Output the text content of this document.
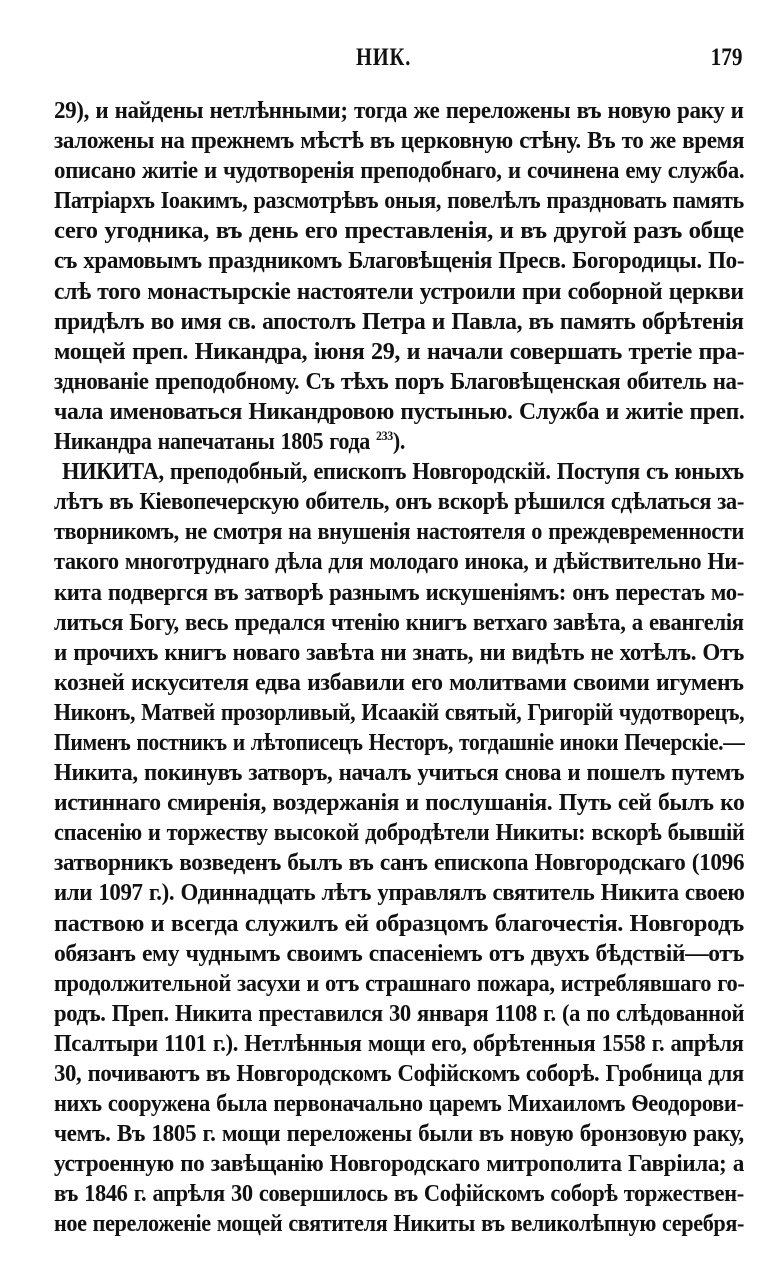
НИК.	179
29), и найдены нетлѣнными; тогда же переложены въ новую раку и
заложены на прежнемъ мѣстѣ въ церковную стѣну. Въ то же время
описано житіе и чудотворенія преподобнаго, и сочинена ему служба.
Патріархъ Іоакимъ, разсмотрѣвъ оныя, повелѣлъ праздновать память
сего угодника, въ день его преставленія, и въ другой разъ обще
съ храмовымъ праздникомъ Благовѣщенія Пресв. Богородицы. По-
слѣ того монастырскіе настоятели устроили при соборной церкви
придѣлъ во имя св. апостолъ Петра и Павла, въ память обрѣтенія
мощей преп. Никандра, іюня 29, и начали совершать третіе пра-
зднованіе преподобному. Съ тѣхъ поръ Благовѣщенская обитель на-
чала именоваться Никандровою пустынью. Служба и житіе преп.
Никандра напечатаны 1805 года 233).
НИКИТА, преподобный, епископъ Новгородскій. Поступя съ юныхъ
лѣтъ въ Кіевопечерскую обитель, онъ вскорѣ рѣшился сдѣлаться за-
творникомъ, не смотря на внушенія настоятеля о преждевременности
такого многотруднаго дѣла для молодаго инока, и дѣйствительно Ни-
кита подвергся въ затворѣ разнымъ искушеніямъ: онъ перестаъ мо-
литься Богу, весь предался чтенію книгъ ветхаго завѣта, а евангелія
и прочихъ книгъ новаго завѣта ни знать, ни видѣть не хотѣлъ. Отъ
козней искусителя едва избавили его молитвами своими игуменъ
Никонъ, Матвей прозорливый, Исаакій святый, Григорій чудотворецъ,
Пименъ постникъ и лѣтописецъ Несторъ, тогдашніе иноки Печерскіе.—
Никита, покинувъ затворъ, началъ учиться снова и пошелъ путемъ
истиннаго смиренія, воздержанія и послушанія. Путь сей былъ ко
спасенію и торжеству высокой добродѣтели Никиты: вскорѣ бывшій
затворникъ возведенъ былъ въ санъ епископа Новгородскаго (1096
или 1097 г.). Одиннадцать лѣтъ управлялъ святитель Никита своею
паствою и всегда служилъ ей образцомъ благочестія. Новгородъ
обязанъ ему чуднымъ своимъ спасеніемъ отъ двухъ бѣдствій—отъ
продолжительной засухи и отъ страшнаго пожара, истреблявшаго го-
родъ. Преп. Никита преставился 30 января 1108 г. (а по слѣдованной
Псалтыри 1101 г.). Нетлѣнныя мощи его, обрѣтенныя 1558 г. апрѣля
30, почиваютъ въ Новгородскомъ Софійскомъ соборѣ. Гробница для
нихъ сооружена была первоначально царемъ Михаиломъ Ѳеодорови-
чемъ. Въ 1805 г. мощи переложены были въ новую бронзовую раку,
устроенную по завѣщанію Новгородскаго митрополита Гавріила; а
въ 1846 г. апрѣля 30 совершилось въ Софійскомъ соборѣ торжествен-
ное переложеніе мощей святителя Никиты въ великолѣпную серебря-
